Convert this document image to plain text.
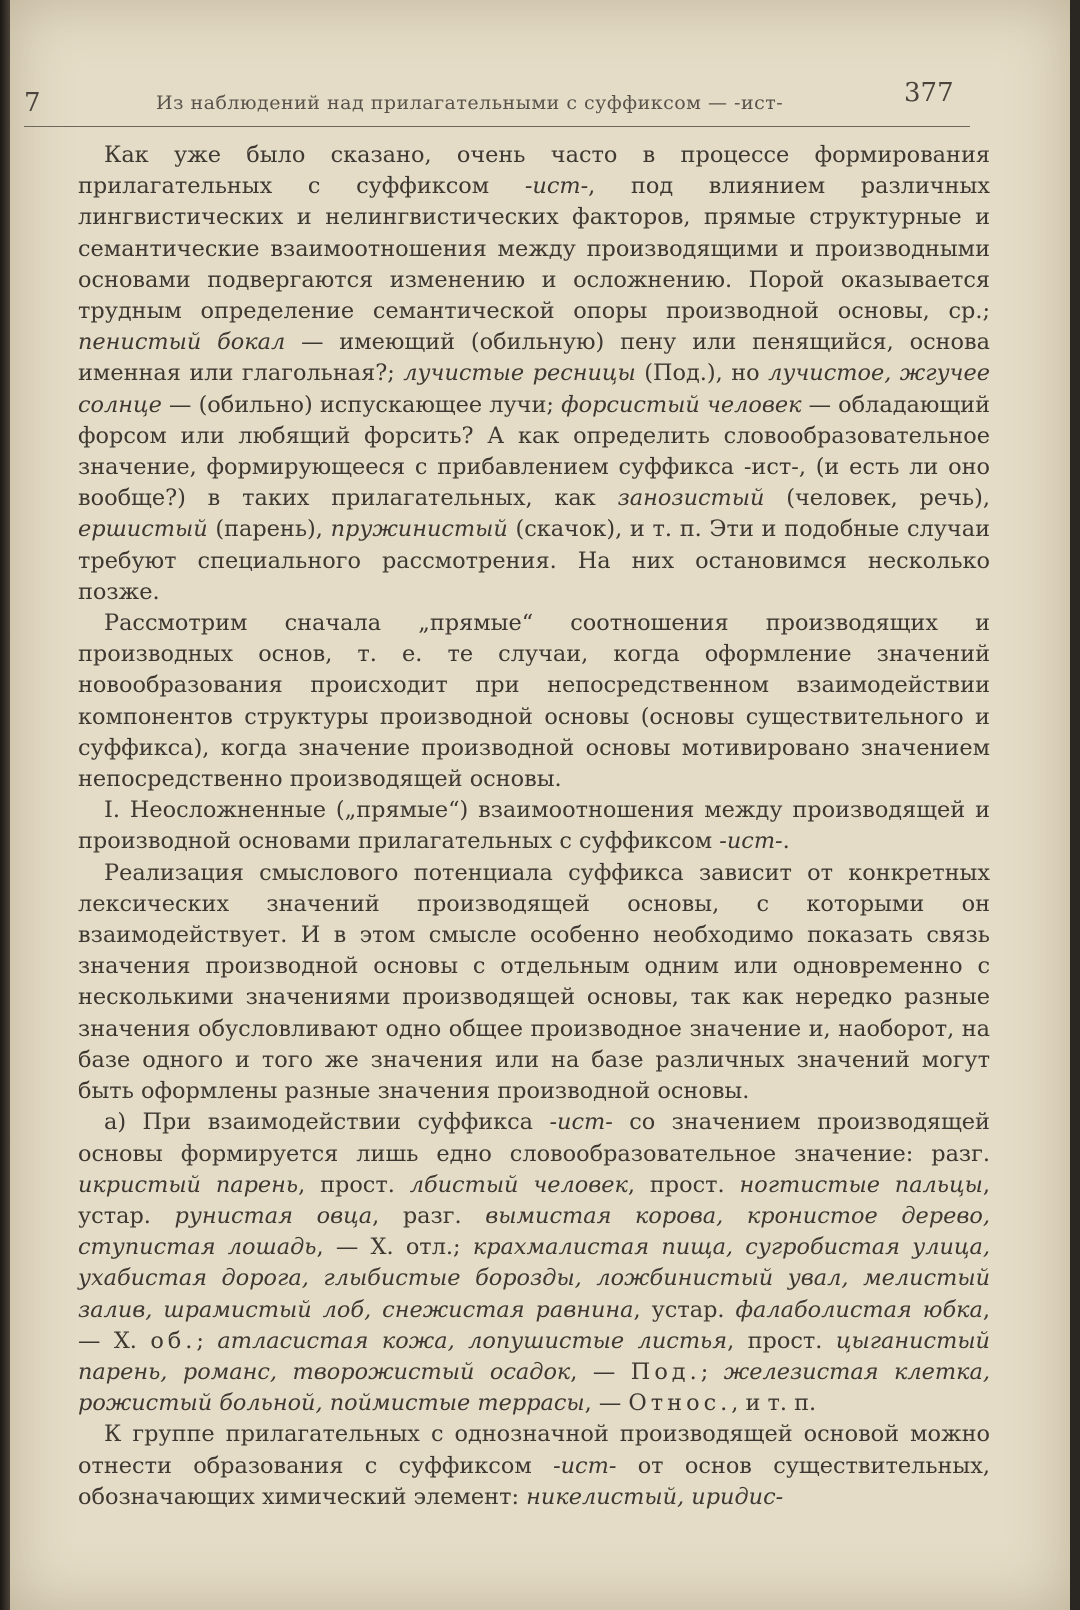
7	Из наблюдений над прилагательными с суффиксом — -ист-	377

Как уже было сказано, очень часто в процессе формирования прилагательных с суффиксом -ист-, под влиянием различных лингвистических и нелингвистических факторов, прямые структурные и семантические взаимоотношения между производящими и производными основами подвергаются изменению и осложнению. Порой оказывается трудным определение семантической опоры производной основы, ср.; пенистый бокал — имеющий (обильную) пену или пенящийся, основа именная или глагольная?; лучистые ресницы (Под.), но лучистое, жгучее солнце — (обильно) испускающее лучи; форсистый человек — обладающий форсом или любящий форсить? А как определить словообразовательное значение, формирующееся с прибавлением суффикса -ист-, (и есть ли оно вообще?) в таких прилагательных, как занозистый (человек, речь), ершистый (парень), пружинистый (скачок), и т. п. Эти и подобные случаи требуют специального рассмотрения. На них остановимся несколько позже.

Рассмотрим сначала „прямые“ соотношения производящих и производных основ, т. е. те случаи, когда оформление значений новообразования происходит при непосредственном взаимодействии компонентов структуры производной основы (основы существительного и суффикса), когда значение производной основы мотивировано значением непосредственно производящей основы.

I. Неосложненные („прямые“) взаимоотношения между производящей и производной основами прилагательных с суффиксом -ист-.

Реализация смыслового потенциала суффикса зависит от конкретных лексических значений производящей основы, с которыми он взаимодействует. И в этом смысле особенно необходимо показать связь значения производной основы с отдельным одним или одновременно с несколькими значениями производящей основы, так как нередко разные значения обусловливают одно общее производное значение и, наоборот, на базе одного и того же значения или на базе различных значений могут быть оформлены разные значения производной основы.

а) При взаимодействии суффикса -ист- со значением производящей основы формируется лишь едно словообразовательное значение: разг. икристый парень, прост. лбистый человек, прост. ногтистые пальцы, устар. рунистая овца, разг. вымистая корова, кронистое дерево, ступистая лошадь, — Х. отл.; крахмалистая пища, сугробистая улица, ухабистая дорога, глыбистые борозды, ложбинистый увал, мелистый залив, шрамистый лоб, снежистая равнина, устар. фалаболистая юбка, — Х. об.; атласистая кожа, лопушистые листья, прост. цыганистый парень, романс, творожистый осадок, — Под.; железистая клетка, рожистый больной, поймистые террасы, — Относ., и т. п.

К группе прилагательных с однозначной производящей основой можно отнести образования с суффиксом -ист- от основ существительных, обозначающих химический элемент: никелистый, иридис-
